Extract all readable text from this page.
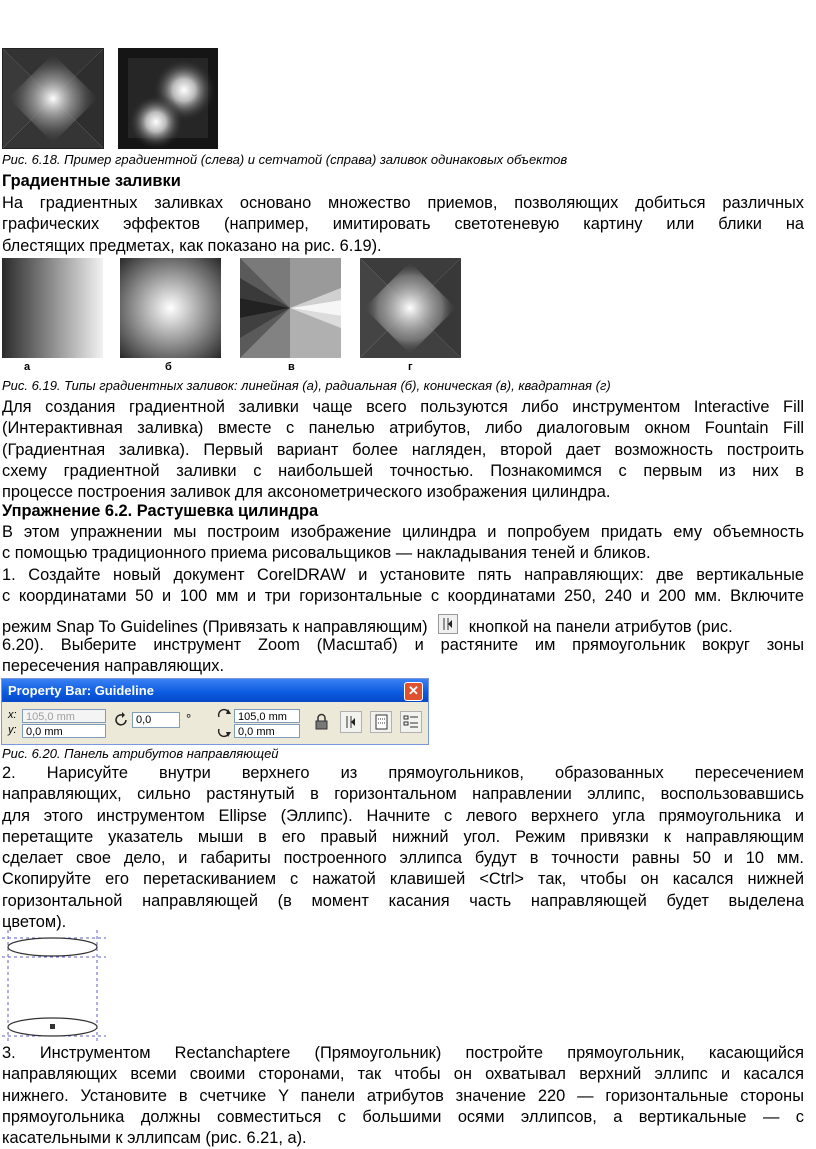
Рис. 6.18. Пример градиентной (слева) и сетчатой (справа) заливок одинаковых объектов
Градиентные заливки
На градиентных заливках основано множество приемов, позволяющих добиться различных
графических эффектов (например, имитировать светотеневую картину или блики на
блестящих предметах, как показано на рис. 6.19).
а	б	в	г
Рис. 6.19. Типы градиентных заливок: линейная (а), радиальная (б), коническая (в), квадратная (г)
Для создания градиентной заливки чаще всего пользуются либо инструментом Interactive Fill
(Интерактивная заливка) вместе с панелью атрибутов, либо диалоговым окном Fountain Fill
(Градиентная заливка). Первый вариант более нагляден, второй дает возможность построить
схему градиентной заливки с наибольшей точностью. Познакомимся с первым из них в
процессе построения заливок для аксонометрического изображения цилиндра.
Упражнение 6.2. Растушевка цилиндра
В этом упражнении мы построим изображение цилиндра и попробуем придать ему объемность
с помощью традиционного приема рисовальщиков — накладывания теней и бликов.
1. Создайте новый документ CorelDRAW и установите пять направляющих: две вертикальные
с координатами 50 и 100 мм и три горизонтальные с координатами 250, 240 и 200 мм. Включите
режим Snap To Guidelines (Привязать к направляющим)	кнопкой на панели атрибутов (рис.
6.20). Выберите инструмент Zoom (Масштаб) и растяните им прямоугольник вокруг зоны
пересечения направляющих.
Property Bar: Guideline	✕
x:
y:
105,0 mm
0,0 mm
0,0	°	105,0 mm
0,0 mm
Рис. 6.20. Панель атрибутов направляющей
2. Нарисуйте внутри верхнего из прямоугольников, образованных пересечением
направляющих, сильно растянутый в горизонтальном направлении эллипс, воспользовавшись
для этого инструментом Ellipse (Эллипс). Начните с левого верхнего угла прямоугольника и
перетащите указатель мыши в его правый нижний угол. Режим привязки к направляющим
сделает свое дело, и габариты построенного эллипса будут в точности равны 50 и 10 мм.
Скопируйте его перетаскиванием с нажатой клавишей <Ctrl> так, чтобы он касался нижней
горизонтальной направляющей (в момент касания часть направляющей будет выделена
цветом).
3. Инструментом Rectanchaptere (Прямоугольник) постройте прямоугольник, касающийся
направляющих всеми своими сторонами, так чтобы он охватывал верхний эллипс и касался
нижнего. Установите в счетчике Y панели атрибутов значение 220 — горизонтальные стороны
прямоугольника должны совместиться с большими осями эллипсов, а вертикальные — с
касательными к эллипсам (рис. 6.21, а).
